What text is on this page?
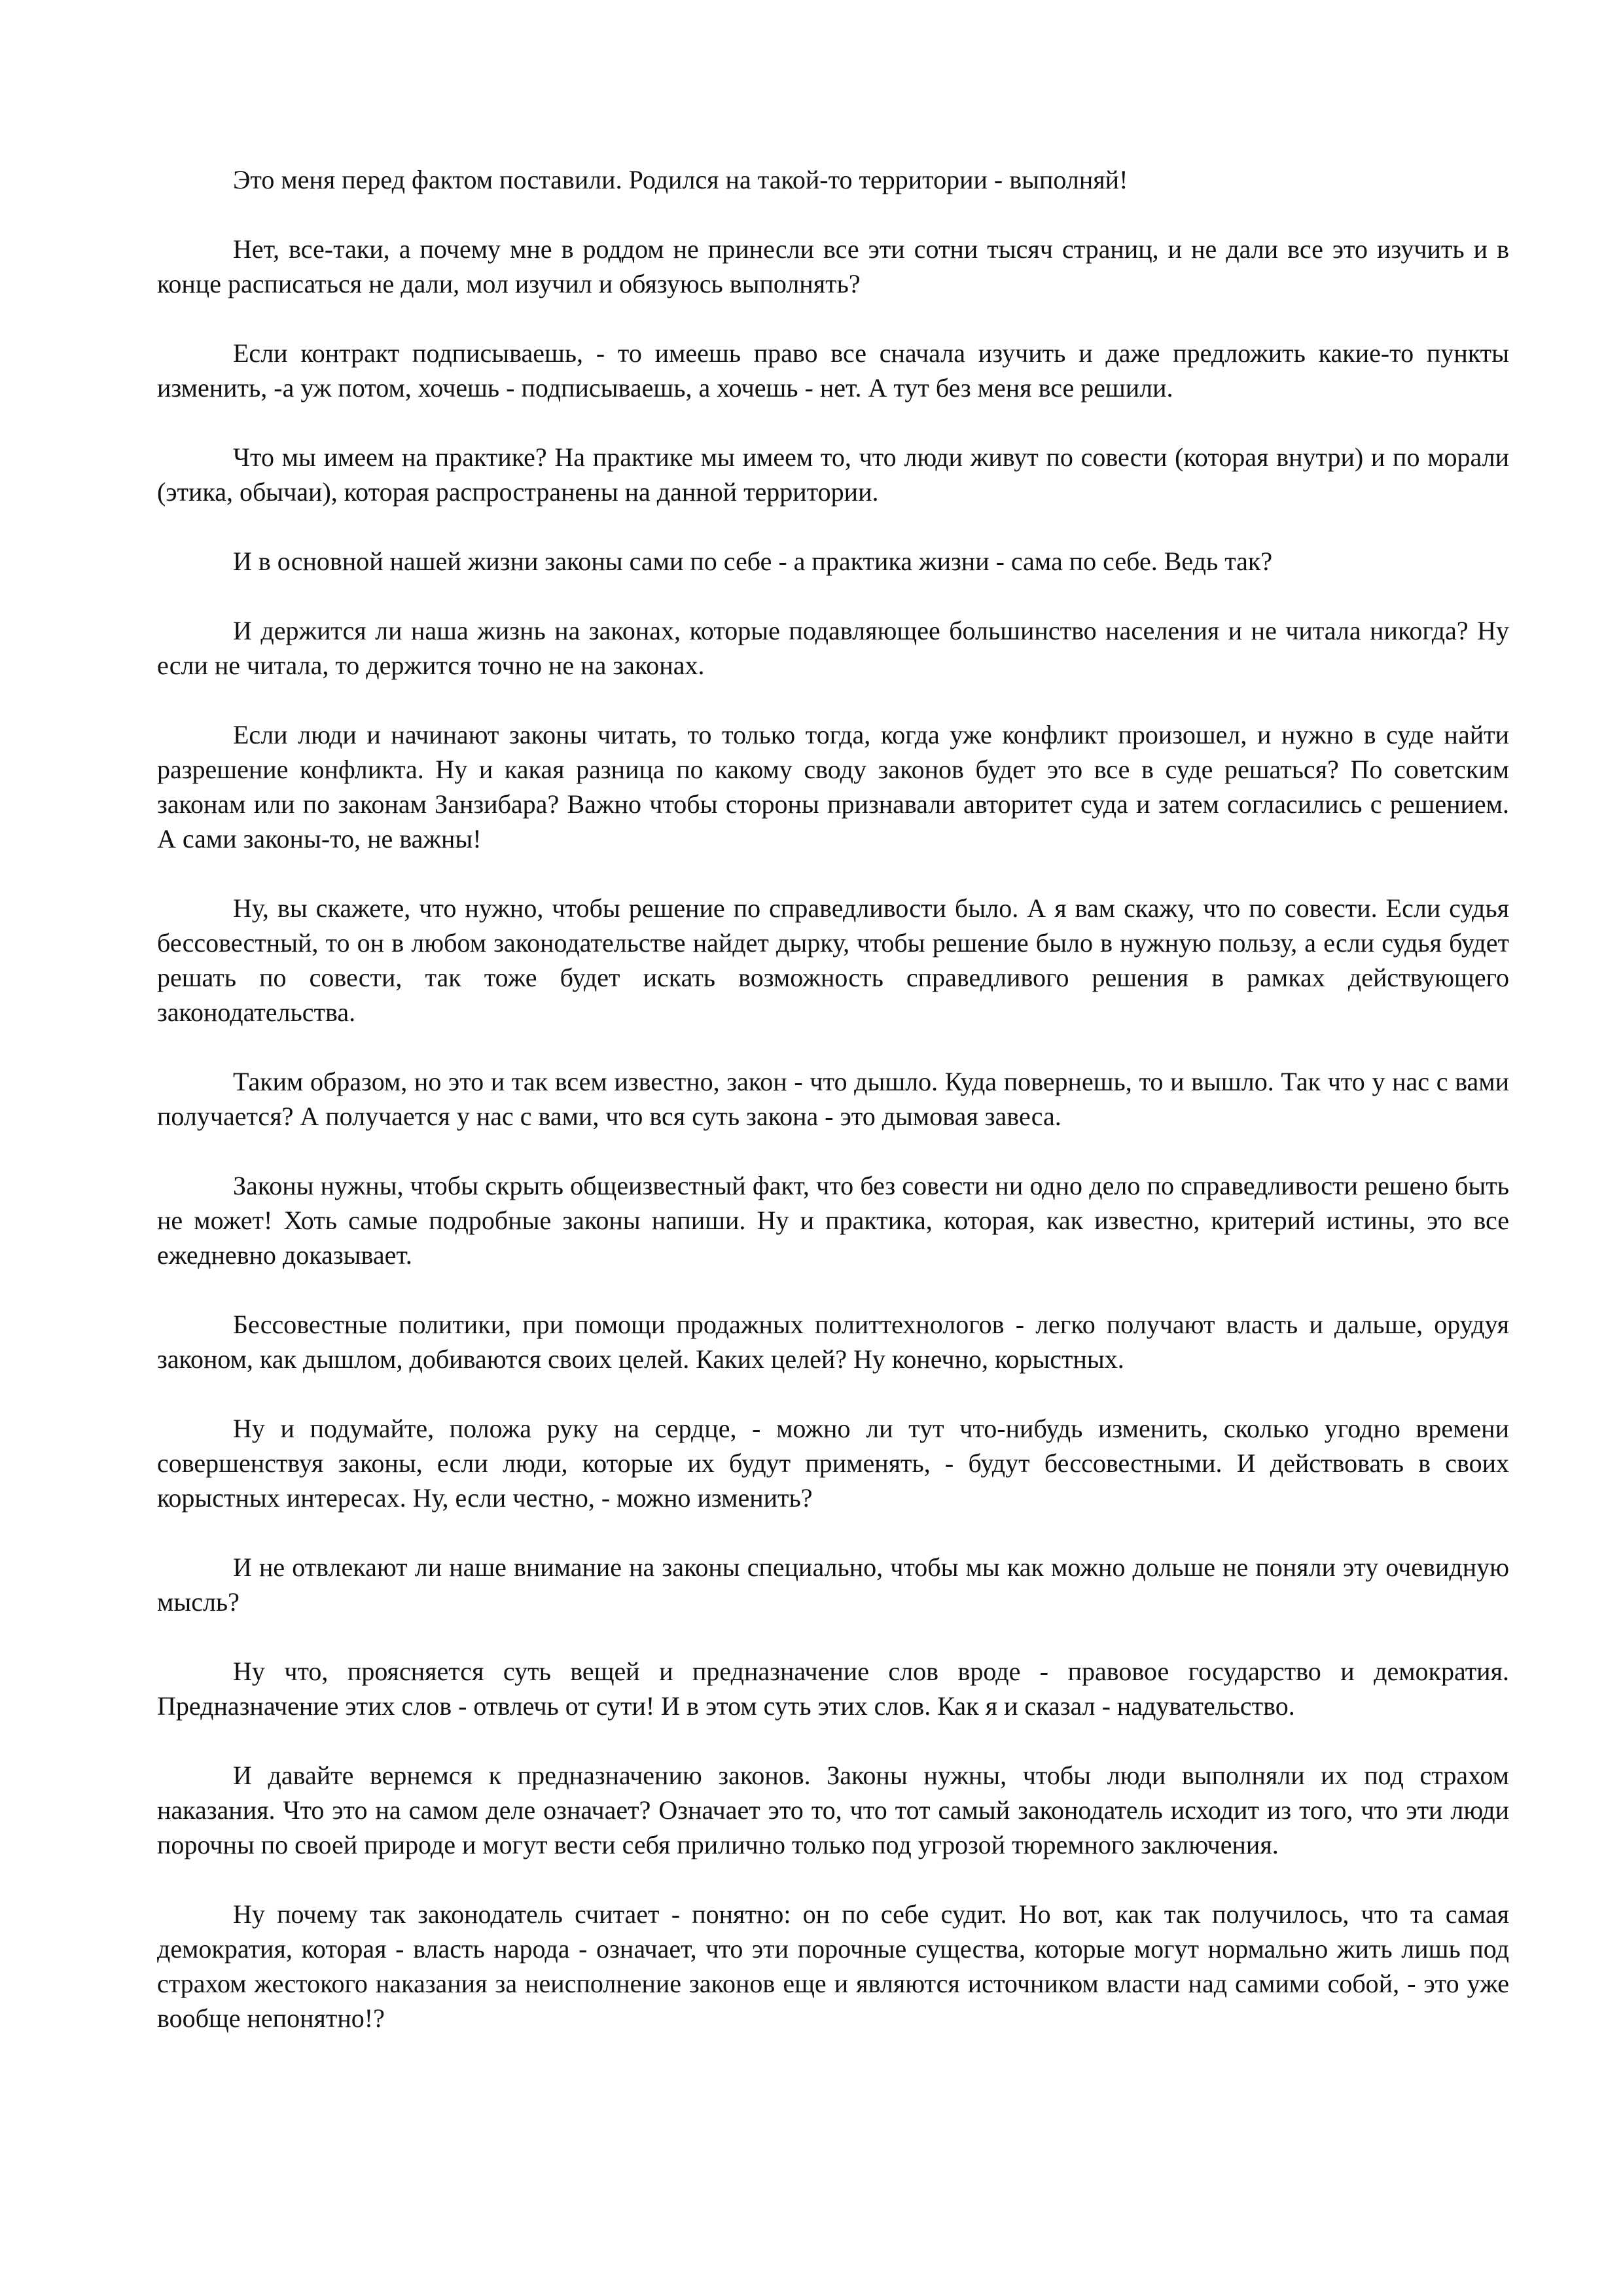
Это меня перед фактом поставили. Родился на такой-то территории - выполняй!

Нет, все-таки, а почему мне в роддом не принесли все эти сотни тысяч страниц, и не дали все это изучить и в конце расписаться не дали, мол изучил и обязуюсь выполнять?

Если контракт подписываешь, - то имеешь право все сначала изучить и даже предложить какие-то пункты изменить, -а уж потом, хочешь - подписываешь, а хочешь - нет. А тут без меня все решили.

Что мы имеем на практике? На практике мы имеем то, что люди живут по совести (которая внутри) и по морали (этика, обычаи), которая распространены на данной территории.

И в основной нашей жизни законы сами по себе - а практика жизни - сама по себе. Ведь так?

И держится ли наша жизнь на законах, которые подавляющее большинство населения и не читала никогда? Ну если не читала, то держится точно не на законах.

Если люди и начинают законы читать, то только тогда, когда уже конфликт произошел, и нужно в суде найти разрешение конфликта. Ну и какая разница по какому своду законов будет это все в суде решаться? По советским законам или по законам Занзибара? Важно чтобы стороны признавали авторитет суда и затем согласились с решением. А сами законы-то, не важны!

Ну, вы скажете, что нужно, чтобы решение по справедливости было. А я вам скажу, что по совести. Если судья бессовестный, то он в любом законодательстве найдет дырку, чтобы решение было в нужную пользу, а если судья будет решать по совести, так тоже будет искать возможность справедливого решения в рамках действующего законодательства.

Таким образом, но это и так всем известно, закон - что дышло. Куда повернешь, то и вышло. Так что у нас с вами получается? А получается у нас с вами, что вся суть закона - это дымовая завеса.

Законы нужны, чтобы скрыть общеизвестный факт, что без совести ни одно дело по справедливости решено быть не может! Хоть самые подробные законы напиши. Ну и практика, которая, как известно, критерий истины, это все ежедневно доказывает.

Бессовестные политики, при помощи продажных политтехнологов - легко получают власть и дальше, орудуя законом, как дышлом, добиваются своих целей. Каких целей? Ну конечно, корыстных.

Ну и подумайте, положа руку на сердце, - можно ли тут что-нибудь изменить, сколько угодно времени совершенствуя законы, если люди, которые их будут применять, - будут бессовестными. И действовать в своих корыстных интересах. Ну, если честно, - можно изменить?

И не отвлекают ли наше внимание на законы специально, чтобы мы как можно дольше не поняли эту очевидную мысль?

Ну что, проясняется суть вещей и предназначение слов вроде - правовое государство и демократия. Предназначение этих слов - отвлечь от сути! И в этом суть этих слов. Как я и сказал - надувательство.

И давайте вернемся к предназначению законов. Законы нужны, чтобы люди выполняли их под страхом наказания. Что это на самом деле означает? Означает это то, что тот самый законодатель исходит из того, что эти люди порочны по своей природе и могут вести себя прилично только под угрозой тюремного заключения.

Ну почему так законодатель считает - понятно: он по себе судит. Но вот, как так получилось, что та самая демократия, которая - власть народа - означает, что эти порочные существа, которые могут нормально жить лишь под страхом жестокого наказания за неисполнение законов еще и являются источником власти над самими собой, - это уже вообще непонятно!?
